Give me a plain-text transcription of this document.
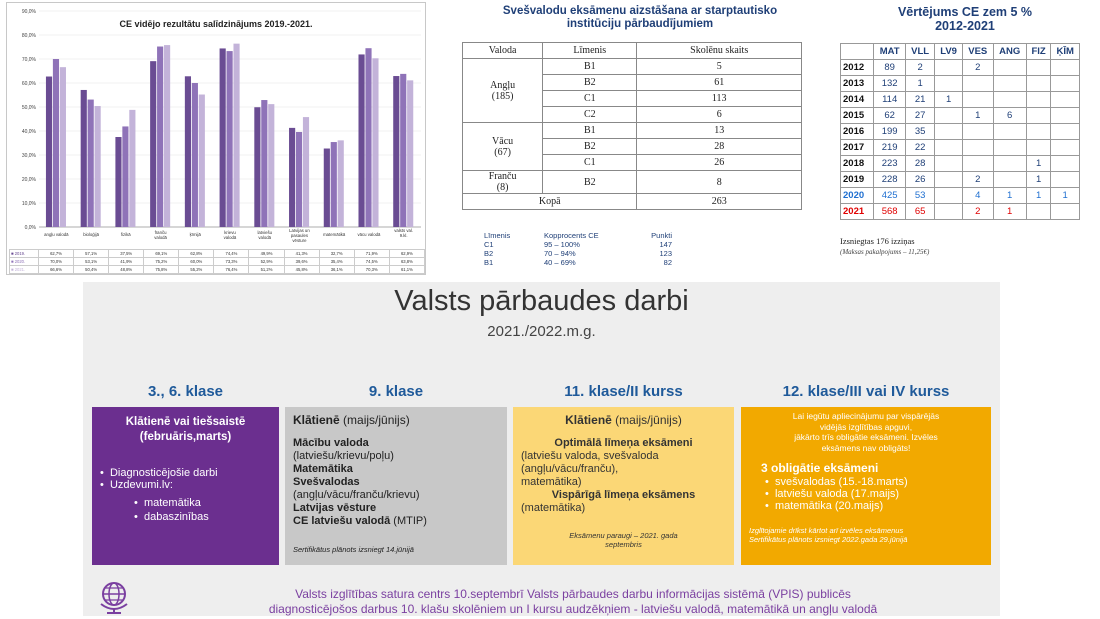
90,0%
80,0%
70,0%
60,0%
50,0%
40,0%
30,0%
20,0%
10,0%
0,0%
angļu valodā	bioloģijā	fizikā	franču valodā
ķīmijā	krievu valodā
latviešu valodā
Latvijas un pasaules vēsture
matemātikā	vācu valodā
valsts val. 9.kl.
CE vidējo rezultātu salīdzinājums 2019.-2021.
■ 2019.	62,7%	57,1%	37,5%	69,1%	62,8%	74,4%	49,9%	41,3%	32,7%	71,9%	62,9%
■ 2020.	70,0%	53,1%	41,9%	75,2%	60,0%	73,3%	52,9%	39,6%	35,4%	74,5%	63,8%
■ 2021.	66,6%	50,4%	48,8%	75,8%	55,2%	76,4%	51,2%	45,8%	36,1%	70,3%	61,1%
Svešvalodu eksāmenu aizstāšana ar starptautisko institūciju pārbaudījumiem
Valoda	Līmenis	Skolēnu skaits

Angļu
(185)	B1	5
	B2	61
	C1	113
	C2	6

Vācu
(67)	B1	13
	B2	28
	C1	26

Franču
(8)	B2	8
Kopā		263
Līmenis	Kopprocents CE	Punkti
C1	95 – 100%	147
B2	70 – 94%	123
B1	40 – 69%	82
Vērtējums CE zem 5 %
2012-2021
	MAT	VLL	LV9	VES	ANG	FIZ	ĶĪM
2012	89	2		2			
2013	132	1					
2014	114	21	1				
2015	62	27		1	6		
2016	199	35					
2017	219	22					
2018	223	28				1	
2019	228	26		2		1	
2020	425	53		4	1	1	1
2021	568	65		2	1		
Izsniegtas 176 izziņas
(Maksas pakalpojums – 11,25€)
Valsts pārbaudes darbi
2021./2022.m.g.
3., 6. klase	9. klase	11. klase/II kurss	12. klase/III vai IV kurss

Klātienē vai tiešsaistē

(februāris,marts)

•  Diagnosticējošie darbi

•  Uzdevumi.lv:

•  matemātika

•  dabaszinības

Klātienē (maijs/jūnijs)

Mācību valoda

(latviešu/krievu/poļu)

Matemātika

Svešvalodas

(angļu/vācu/franču/krievu)

Latvijas vēsture

CE latviešu valodā (MTIP)

Sertifikātus plānots izsniegt 14.jūnijā

Klātienē (maijs/jūnijs)

Optimālā līmeņa eksāmeni

(latviešu valoda, svešvaloda

(angļu/vācu/franču),

matemātika)

Vispārīgā līmeņa eksāmens

(matemātika)

Eksāmenu paraugi – 2021. gada

septembris

Lai iegūtu apliecinājumu par vispārējās
vidējās izglītības apguvi,
jākārto trīs obligātie eksāmeni. Izvēles
eksāmens nav obligāts!

3 obligātie eksāmeni

•  svešvalodas (15.-18.marts)

•  latviešu valoda (17.maijs)

•  matemātika (20.maijs)

Izglītojamie drīkst kārtot arī izvēles eksāmenus

Sertifikātus plānots izsniegt 2022.gada 29.jūnijā

Valsts izglītības satura centrs 10.septembrī Valsts pārbaudes darbu informācijas sistēmā (VPIS) publicēs
diagnosticējošos darbus 10. klašu skolēniem un I kursu audzēkņiem - latviešu valodā, matemātikā un angļu valodā
